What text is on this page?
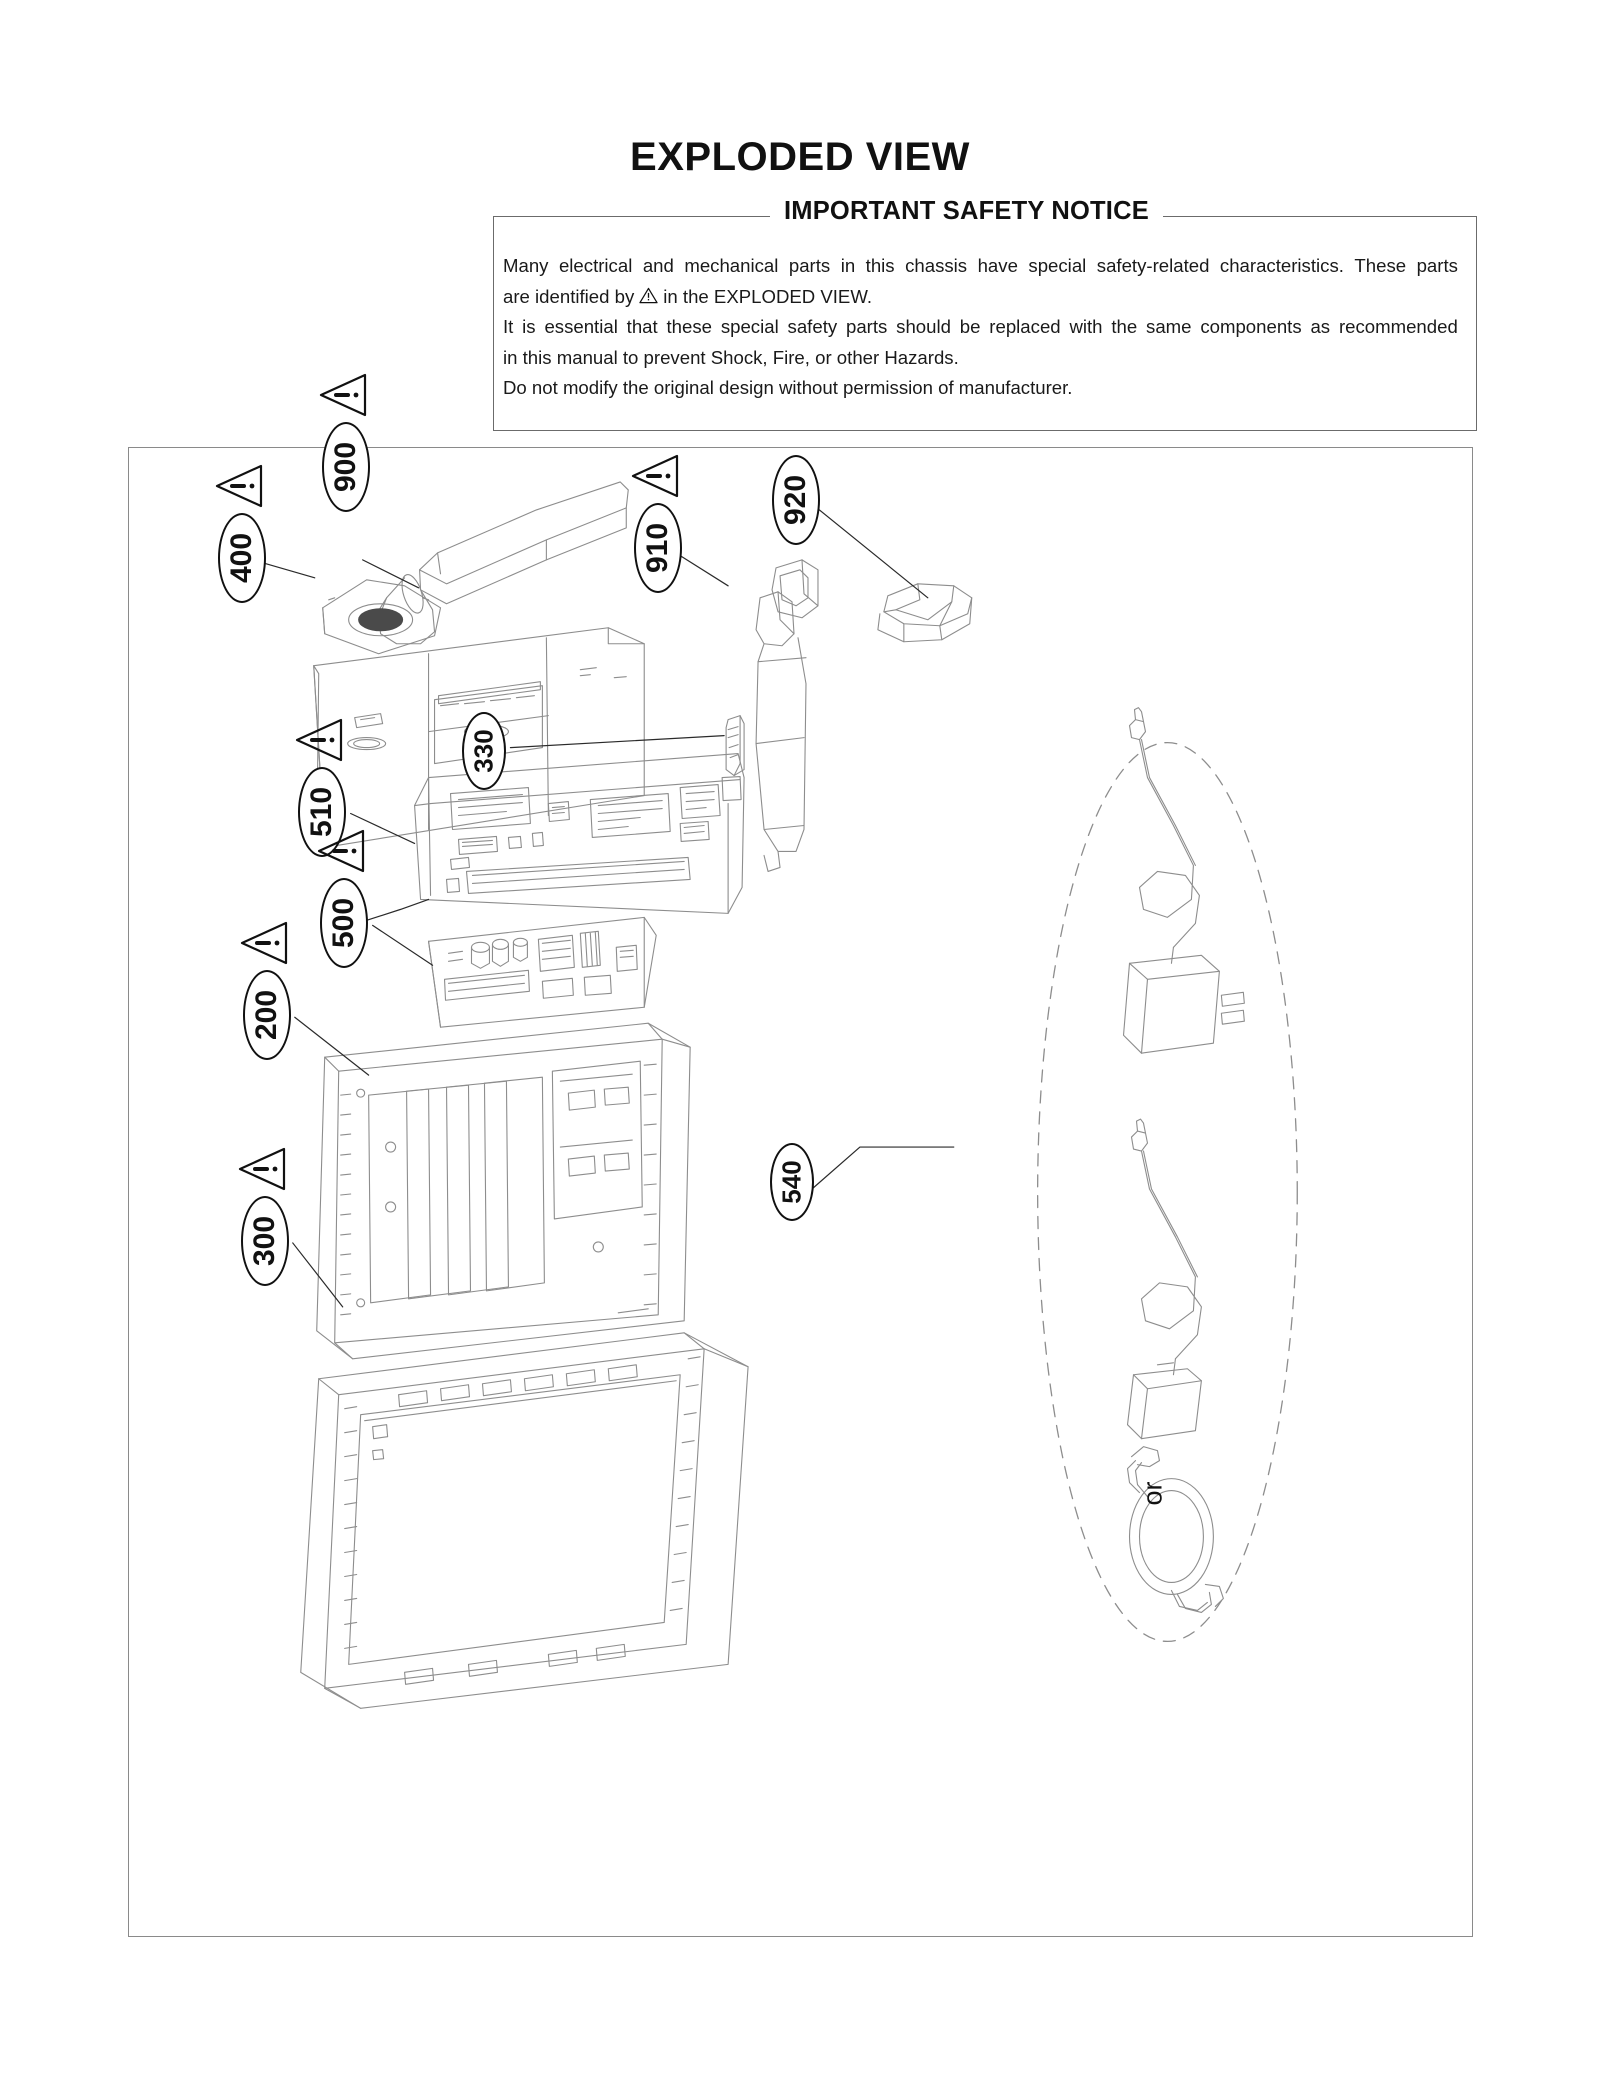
EXPLODED VIEW
IMPORTANT SAFETY NOTICE

Many electrical and mechanical parts in this chassis have special safety-related characteristics. These parts

are identified by in the EXPLODED VIEW.

It is essential that these special safety parts should be replaced with the same components as recommended

in this manual to prevent Shock, Fire, or other Hazards.

Do not modify the original design without permission of manufacturer.

or
900
400	910
920
330
510
500
200
300
540
